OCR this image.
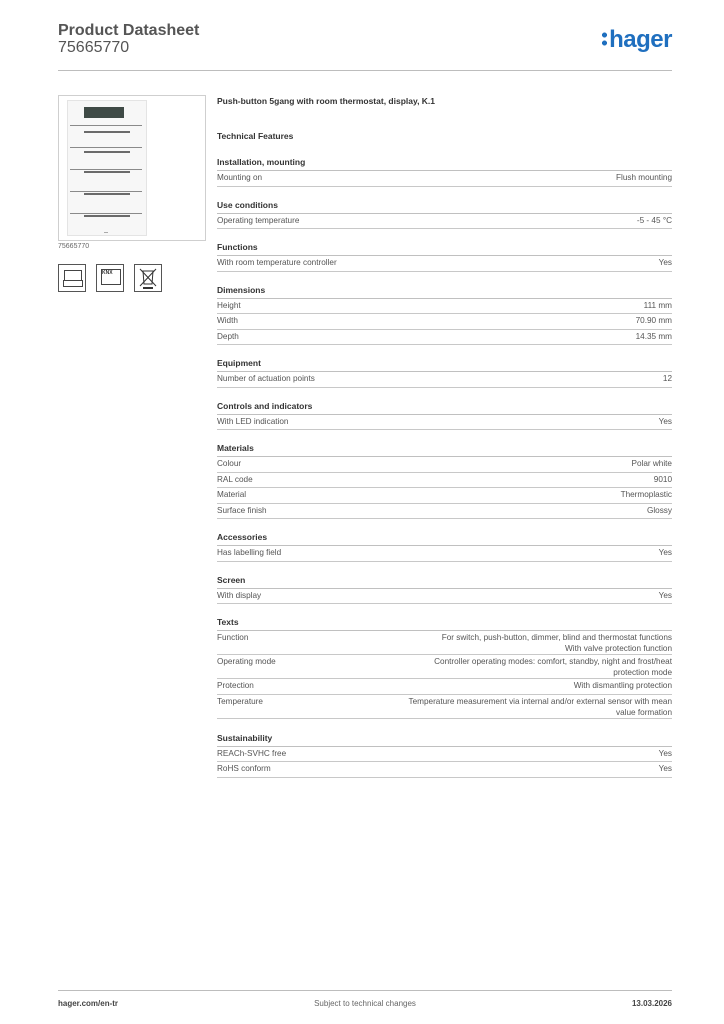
Product Datasheet
75665770	hager
75665770
KNX
Push-button 5gang with room thermostat, display, K.1
Technical Features
Installation, mounting
Mounting on	Flush mounting
Use conditions
Operating temperature	-5 - 45 °C
Functions
With room temperature controller	Yes
Dimensions
Height	111 mm
Width	70.90 mm
Depth	14.35 mm
Equipment
Number of actuation points	12
Controls and indicators
With LED indication	Yes
Materials
Colour	Polar white
RAL code	9010
Material	Thermoplastic
Surface finish	Glossy
Accessories
Has labelling field	Yes
Screen
With display	Yes
Texts
Function	For switch, push-button, dimmer, blind and thermostat functions
With valve protection function
Operating mode	Controller operating modes: comfort, standby, night and frost/heat
protection mode
Protection	With dismantling protection
Temperature	Temperature measurement via internal and/or external sensor with mean
value formation
Sustainability
REACh-SVHC free	Yes
RoHS conform	Yes
hager.com/en-tr	Subject to technical changes	13.03.2026
